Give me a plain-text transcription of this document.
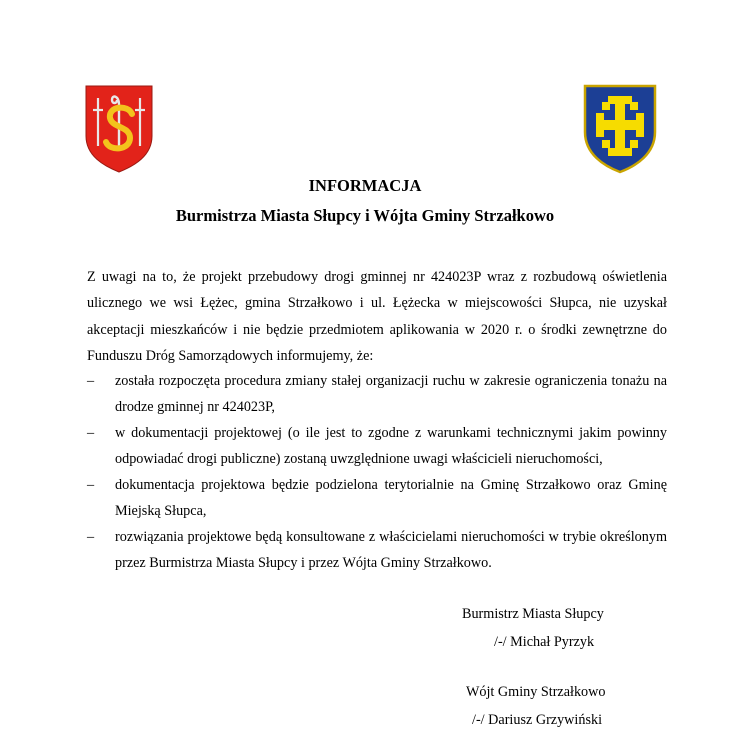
INFORMACJA
Burmistrza Miasta Słupcy i Wójta Gminy Strzałkowo
Z uwagi na to, że projekt przebudowy drogi gminnej nr 424023P wraz z rozbudową oświetlenia ulicznego we wsi Łężec, gmina Strzałkowo i ul. Łężecka w miejscowości Słupca, nie uzyskał akceptacji mieszkańców i nie będzie przedmiotem aplikowania w 2020 r. o środki zewnętrzne do Funduszu Dróg Samorządowych informujemy, że:
– została rozpoczęta procedura zmiany stałej organizacji ruchu w zakresie ograniczenia tonażu na drodze gminnej nr 424023P,
– w dokumentacji projektowej (o ile jest to zgodne z warunkami technicznymi jakim powinny odpowiadać drogi publiczne) zostaną uwzględnione uwagi właścicieli nieruchomości,
– dokumentacja projektowa będzie podzielona terytorialnie na Gminę Strzałkowo oraz Gminę Miejską Słupca,
– rozwiązania projektowe będą konsultowane z właścicielami nieruchomości w trybie określonym przez Burmistrza Miasta Słupcy i przez Wójta Gminy Strzałkowo.
Burmistrz Miasta Słupcy
/-/ Michał Pyrzyk
Wójt Gminy Strzałkowo
/-/ Dariusz Grzywiński
